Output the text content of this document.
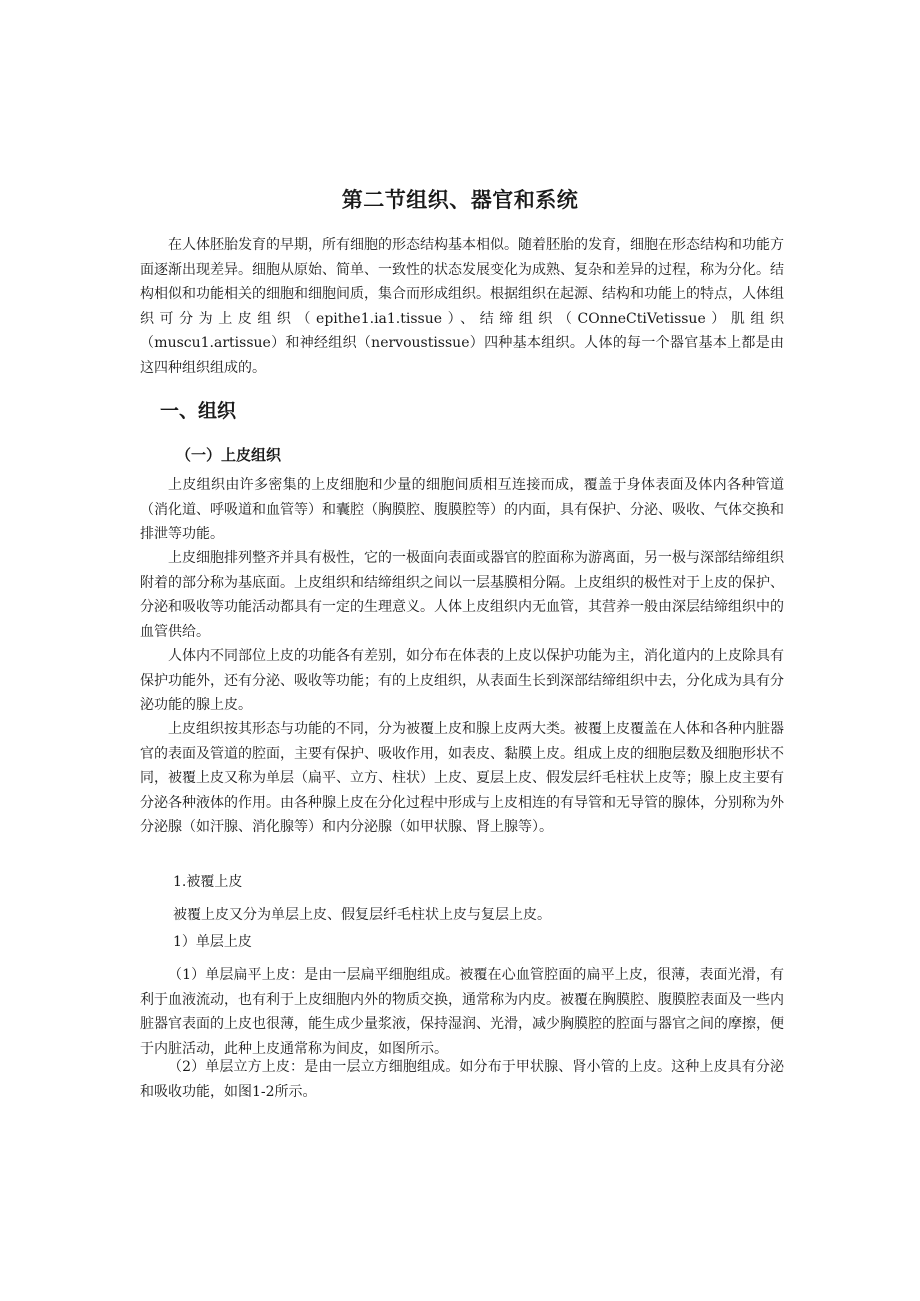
第二节组织、器官和系统

在人体胚胎发育的早期，所有细胞的形态结构基本相似。随着胚胎的发育，细胞在形态结构和功能方面逐渐出现差异。细胞从原始、简单、一致性的状态发展变化为成熟、复杂和差异的过程，称为分化。结构相似和功能相关的细胞和细胞间质，集合而形成组织。根据组织在起源、结构和功能上的特点，人体组织可分为上皮组织（epithe1.ia1.tissue）、结缔组织（COnneCtiVetissue）肌组织（muscu1.artissue）和神经组织（nervoustissue）四种基本组织。人体的每一个器官基本上都是由这四种组织组成的。

一、组织
（一）上皮组织

上皮组织由许多密集的上皮细胞和少量的细胞间质相互连接而成，覆盖于身体表面及体内各种管道（消化道、呼吸道和血管等）和囊腔（胸膜腔、腹膜腔等）的内面，具有保护、分泌、吸收、气体交换和排泄等功能。

上皮细胞排列整齐并具有极性，它的一极面向表面或器官的腔面称为游离面，另一极与深部结缔组织附着的部分称为基底面。上皮组织和结缔组织之间以一层基膜相分隔。上皮组织的极性对于上皮的保护、分泌和吸收等功能活动都具有一定的生理意义。人体上皮组织内无血管，其营养一般由深层结缔组织中的血管供给。

人体内不同部位上皮的功能各有差别，如分布在体表的上皮以保护功能为主，消化道内的上皮除具有保护功能外，还有分泌、吸收等功能；有的上皮组织，从表面生长到深部结缔组织中去，分化成为具有分泌功能的腺上皮。

上皮组织按其形态与功能的不同，分为被覆上皮和腺上皮两大类。被覆上皮覆盖在人体和各种内脏器官的表面及管道的腔面，主要有保护、吸收作用，如表皮、黏膜上皮。组成上皮的细胞层数及细胞形状不同，被覆上皮又称为单层（扁平、立方、柱状）上皮、夏层上皮、假发层纤毛柱状上皮等；腺上皮主要有分泌各种液体的作用。由各种腺上皮在分化过程中形成与上皮相连的有导管和无导管的腺体，分别称为外分泌腺（如汗腺、消化腺等）和内分泌腺（如甲状腺、肾上腺等）。

1.被覆上皮
被覆上皮又分为单层上皮、假复层纤毛柱状上皮与复层上皮。
1）单层上皮

（1）单层扁平上皮：是由一层扁平细胞组成。被覆在心血管腔面的扁平上皮，很薄，表面光滑，有利于血液流动，也有利于上皮细胞内外的物质交换，通常称为内皮。被覆在胸膜腔、腹膜腔表面及一些内脏器官表面的上皮也很薄，能生成少量浆液，保持湿润、光滑，减少胸膜腔的腔面与器官之间的摩擦，便于内脏活动，此种上皮通常称为间皮，如图所示。

（2）单层立方上皮：是由一层立方细胞组成。如分布于甲状腺、肾小管的上皮。这种上皮具有分泌和吸收功能，如图1-2所示。
